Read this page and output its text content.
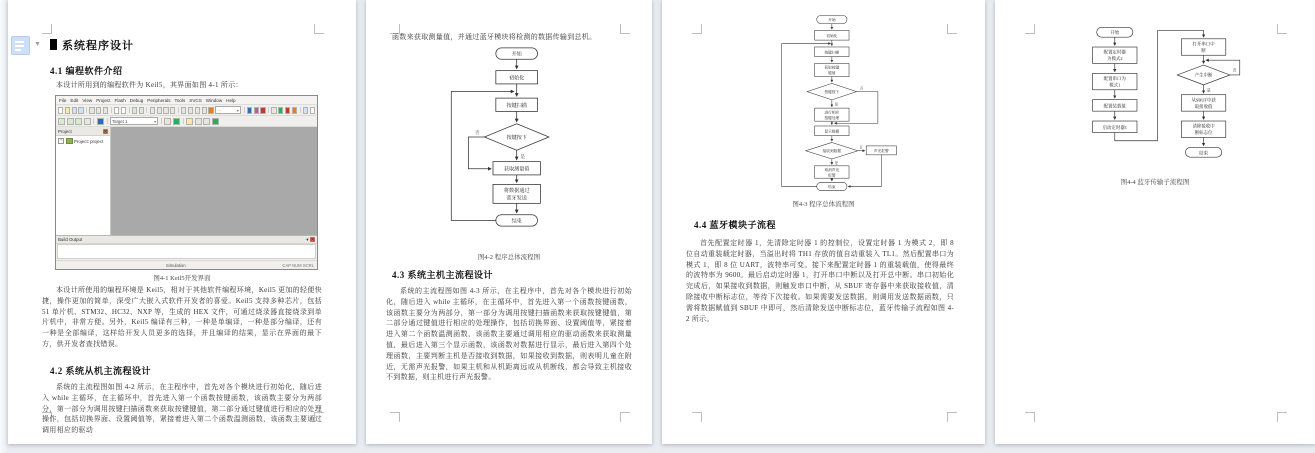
▼ 4 系统程序设计
4.1 编程软件介绍
本设计所用到的编程软件为 Keil5，其界面如图 4-1 所示：
File Edit View Project Flash Debug Peripherals Tools SVCS Window Help
···	▾
Target 1	▾
Project	✕
+	Project: project
Build Output	▾ ✕
Simulation	CAP NUM SCRL
图4-1 Keil5开发界面
本设计所使用的编程环境是 Keil5，相对于其他软件编程环境，Keil5 更加的轻便快捷，操作更加的简单，深受广大嵌入式软件开发者的喜爱。Keil5 支持多种芯片，包括 51 单片机、STM32、HC32、NXP 等，生成的 HEX 文件，可通过烧录器直接烧录到单片机中，非常方便。另外，Keil5 编译有三种，一种是单编译，一种是部分编译，还有一种是全部编译，这样给开发人员更多的选择，并且编译的结果，显示在界面的最下方，供开发者查找错误。
4.2 系统从机主流程设计
系统的主流程图如图 4-2 所示，在主程序中，首先对各个模块进行初始化，随后进入 while 主循环，在主循环中，首先进入第一个函数按键函数，该函数主要分为两部分，第一部分为调用按键扫描函数来获取按键键值，第二部分通过键值进行相应的处理操作，包括切换界面、设置阈值等，紧接着进入第二个函数温测函数，该函数主要通过调用相应的驱动
函数来获取测量值，并通过蓝牙模块将检测的数据传输到总机。
开始
初始化
按键扫描
按键按下
是
否
获取测量值
将数据通过
蓝牙发送
结束
图4-2 程序总体流程图
4.3 系统主机主流程设计
系统的主流程图如图 4-3 所示，在主程序中，首先对各个模块进行初始化，随后进入 while 主循环，在主循环中，首先进入第一个函数按键函数，该函数主要分为两部分，第一部分为调用按键扫描函数来获取按键键值，第二部分通过键值进行相应的处理操作，包括切换界面、设置阈值等，紧接着进入第二个函数温测函数，该函数主要通过调用相应的驱动函数来获取测量值，最后进入第三个显示函数，该函数对数据进行显示，最后进入第四个处理函数，主要判断主机是否接收到数据，如果接收到数据，则表明儿童在附近，无需声光报警，如果主机和从机距离远或从机断线，都会导致主机接收不到数据，则主机进行声光报警。
开始
初始化
按键扫描
获取按键
键值
按键按下
是
否
进行相应
按键处理
显示数据
接收到数据
是
否
声光报警
取消声光
报警
结束
图4-3 程序总体流程图
4.4 蓝牙模块子流程
首先配置定时器 1，先清除定时器 1 的控制位，设置定时器 1 为模式 2，即 8 位自动重装载定时器，当溢出时将 TH1 存放的值自动重装入 TL1。然后配置串口为模式 1，即 8 位 UART，波特率可变。接下来配置定时器 1 的重装载值，使得最终的波特率为 9600。最后启动定时器 1，打开串口中断以及打开总中断。串口初始化完成后，如果接收到数据，则触发串口中断，从 SBUF 寄存器中来获取接收值，清除接收中断标志位，等待下次接收。如果需要发送数据，则调用发送数据函数，只需将数据赋值到 SBUF 中即可，然后清除发送中断标志位，蓝牙传输子流程如图 4-2 所示。
开始
配置定时器
为模式2
配置串口为
模式1
配置装载值
启动定时器1
打开串口中
断
产生中断
否
是
从SBUF中获
取接收值
清除接收中
断标志位
结束
图4-4 蓝牙传输子流程图
